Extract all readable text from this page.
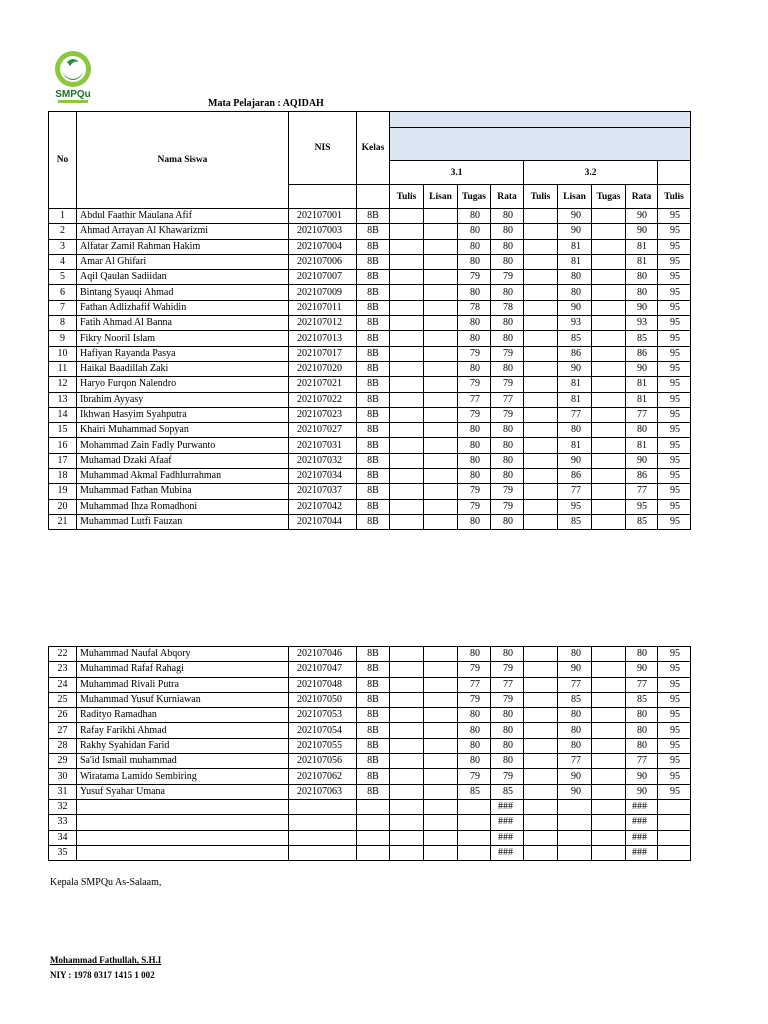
SMPQu
Mata Pelajaran : AQIDAH
No	Nama Siswa	NIS	Kelas									

				3.1				3.2				
				Tulis	Lisan	Tugas	Rata	Tulis	Lisan	Tugas	Rata	Tulis
1	Abdul Faathir Maulana Afif	202107001	8B			80	80		90		90	95
2	Ahmad Arrayan Al Khawarizmi	202107003	8B			80	80		90		90	95
3	Alfatar Zamil Rahman Hakim	202107004	8B			80	80		81		81	95
4	Amar Al Ghifari	202107006	8B			80	80		81		81	95
5	Aqil Qaulan Sadiidan	202107007	8B			79	79		80		80	95
6	Bintang Syauqi Ahmad	202107009	8B			80	80		80		80	95
7	Fathan Adlizhafif Wahidin	202107011	8B			78	78		90		90	95
8	Fatih Ahmad Al Banna	202107012	8B			80	80		93		93	95
9	Fikry Nooril Islam	202107013	8B			80	80		85		85	95
10	Hafiyan Rayanda Pasya	202107017	8B			79	79		86		86	95
11	Haikal Baadillah Zaki	202107020	8B			80	80		90		90	95
12	Haryo Furqon Nalendro	202107021	8B			79	79		81		81	95
13	Ibrahim Ayyasy	202107022	8B			77	77		81		81	95
14	Ikhwan Hasyim Syahputra	202107023	8B			79	79		77		77	95
15	Khairi Muhammad Sopyan	202107027	8B			80	80		80		80	95
16	Mohammad Zain Fadly Purwanto	202107031	8B			80	80		81		81	95
17	Muhamad Dzaki Afaaf	202107032	8B			80	80		90		90	95
18	Muhammad Akmal Fadhlurrahman	202107034	8B			80	80		86		86	95
19	Muhammad Fathan Mubina	202107037	8B			79	79		77		77	95
20	Muhammad Ihza Romadhoni	202107042	8B			79	79		95		95	95
21	Muhammad Lutfi Fauzan	202107044	8B			80	80		85		85	95
22	Muhammad Naufal Abqory	202107046	8B			80	80		80		80	95
23	Muhammad Rafaf Rahagi	202107047	8B			79	79		90		90	95
24	Muhammad Rivali Putra	202107048	8B			77	77		77		77	95
25	Muhammad Yusuf Kurniawan	202107050	8B			79	79		85		85	95
26	Radityo Ramadhan	202107053	8B			80	80		80		80	95
27	Rafay Farikhi Ahmad	202107054	8B			80	80		80		80	95
28	Rakhy Syahidan Farid	202107055	8B			80	80		80		80	95
29	Sa'id Ismail muhammad	202107056	8B			80	80		77		77	95
30	Wiratama Lamido Sembiring	202107062	8B			79	79		90		90	95
31	Yusuf Syahar Umana	202107063	8B			85	85		90		90	95
32							###				###	
33							###				###	
34							###				###	
35							###				###	
Kepala SMPQu As-Salaam,
Mohammad Fathullah, S.H.I
NIY : 1978 0317 1415 1 002
